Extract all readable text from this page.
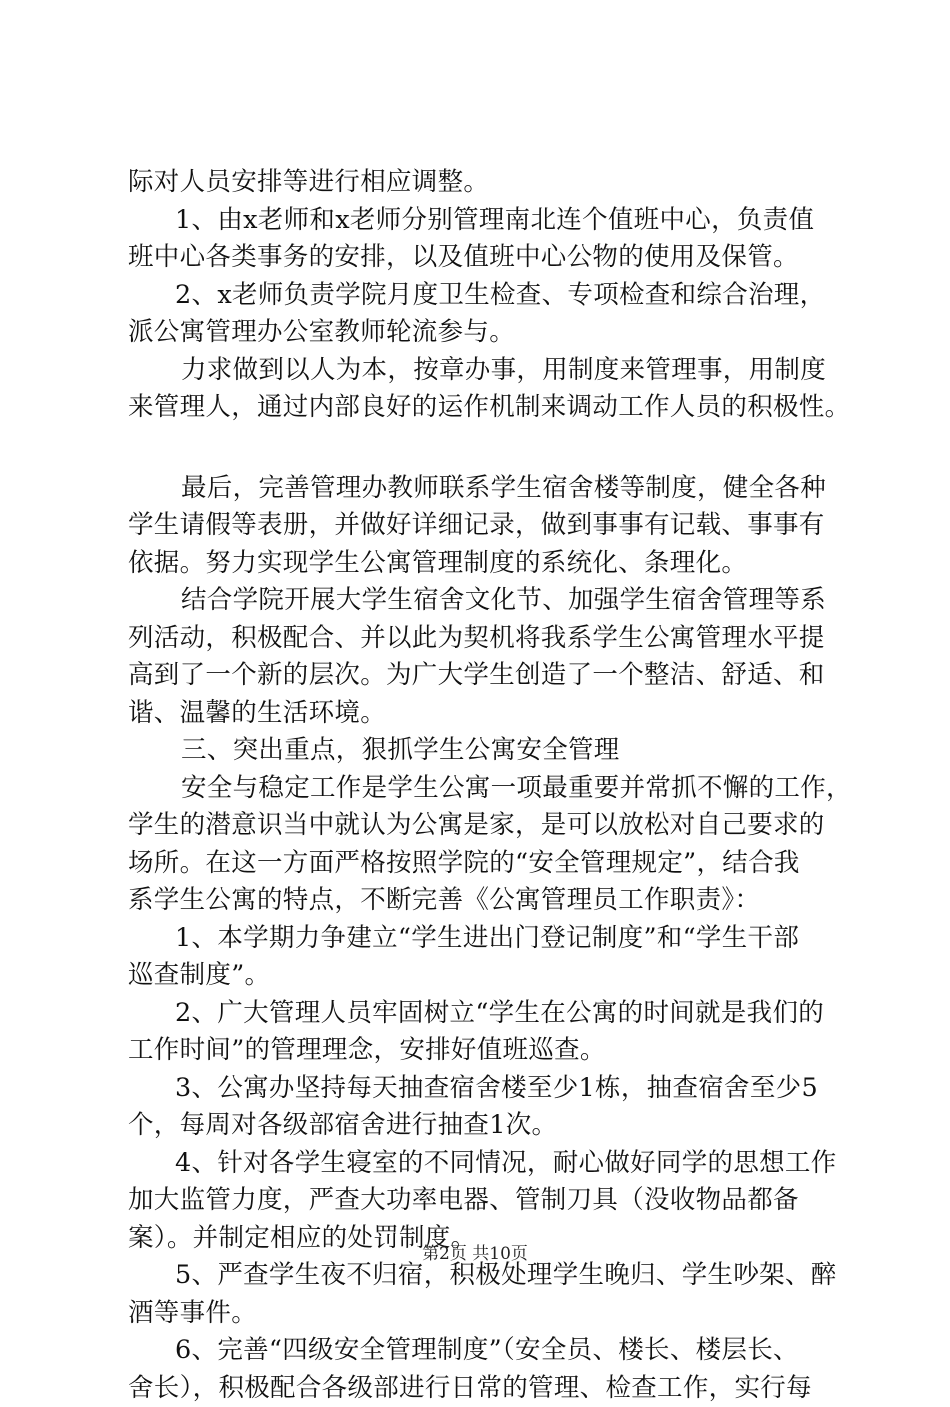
际对人员安排等进行相应调整。
1、由x老师和x老师分别管理南北连个值班中心，负责值
班中心各类事务的安排，以及值班中心公物的使用及保管。
2、x老师负责学院月度卫生检查、专项检查和综合治理，
派公寓管理办公室教师轮流参与。
力求做到以人为本，按章办事，用制度来管理事，用制度
来管理人，通过内部良好的运作机制来调动工作人员的积极性。
最后，完善管理办教师联系学生宿舍楼等制度，健全各种
学生请假等表册，并做好详细记录，做到事事有记载、事事有
依据。努力实现学生公寓管理制度的系统化、条理化。
结合学院开展大学生宿舍文化节、加强学生宿舍管理等系
列活动，积极配合、并以此为契机将我系学生公寓管理水平提
高到了一个新的层次。为广大学生创造了一个整洁、舒适、和
谐、温馨的生活环境。
三、突出重点，狠抓学生公寓安全管理
安全与稳定工作是学生公寓一项最重要并常抓不懈的工作，
学生的潜意识当中就认为公寓是家，是可以放松对自己要求的
场所。在这一方面严格按照学院的“安全管理规定”，结合我
系学生公寓的特点，不断完善《公寓管理员工作职责》：
1、本学期力争建立“学生进出门登记制度”和“学生干部
巡查制度”。
2、广大管理人员牢固树立“学生在公寓的时间就是我们的
工作时间”的管理理念，安排好值班巡查。
3、公寓办坚持每天抽查宿舍楼至少1栋，抽查宿舍至少5
个，每周对各级部宿舍进行抽查1次。
4、针对各学生寝室的不同情况，耐心做好同学的思想工作
加大监管力度，严查大功率电器、管制刀具（没收物品都备
案）。并制定相应的处罚制度。
5、严查学生夜不归宿，积极处理学生晚归、学生吵架、醉
酒等事件。
6、完善“四级安全管理制度”（安全员、楼长、楼层长、
舍长），积极配合各级部进行日常的管理、检查工作，实行每
第2页 共10页
